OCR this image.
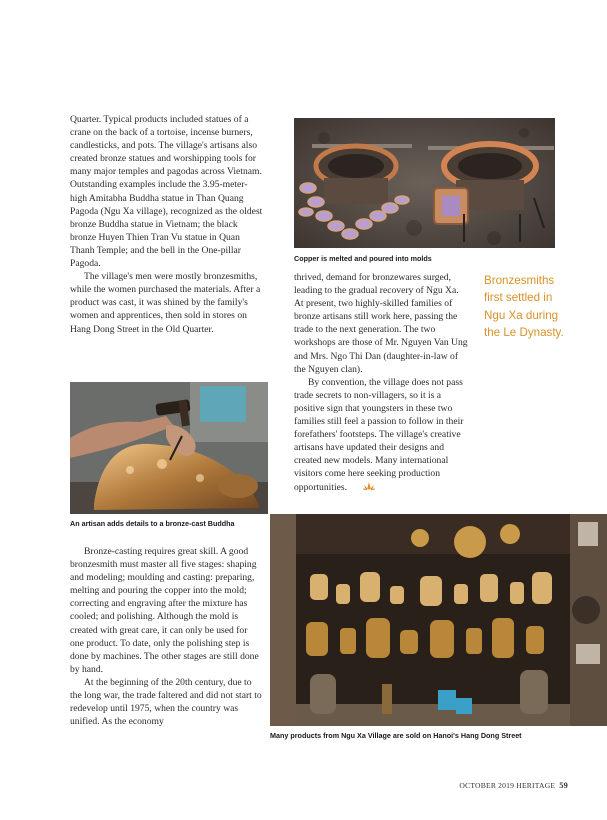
Quarter. Typical products included statues of a crane on the back of a tortoise, incense burners, candlesticks, and pots. The village's artisans also created bronze statues and worshipping tools for many major temples and pagodas across Vietnam. Outstanding examples include the 3.95-meter-high Amitabha Buddha statue in Than Quang Pagoda (Ngu Xa village), recognized as the oldest bronze Buddha statue in Vietnam; the black bronze Huyen Thien Tran Vu statue in Quan Thanh Temple; and the bell in the One-pillar Pagoda.

The village's men were mostly bronzesmiths, while the women purchased the materials. After a product was cast, it was shined by the family's women and apprentices, then sold in stores on Hang Dong Street in the Old Quarter.

Copper is melted and poured into molds

thrived, demand for bronzewares surged, leading to the gradual recovery of Ngu Xa. At present, two highly-skilled families of bronze artisans still work here, passing the trade to the next generation. The two workshops are those of Mr. Nguyen Van Ung and Mrs. Ngo Thi Dan (daughter-in-law of the Nguyen clan).

By convention, the village does not pass trade secrets to non-villagers, so it is a positive sign that youngsters in these two families still feel a passion to follow in their forefathers' footsteps. The village's creative artisans have updated their designs and created new models. Many international visitors come here seeking production opportunities.

Bronzesmiths first settled in Ngu Xa during the Le Dynasty.
An artisan adds details to a bronze-cast Buddha
Many products from Ngu Xa Village are sold on Hanoi's Hang Dong Street

Bronze-casting requires great skill. A good bronzesmith must master all five stages: shaping and modeling; moulding and casting: preparing, melting and pouring the copper into the mold; correcting and engraving after the mixture has cooled; and polishing. Although the mold is created with great care, it can only be used for one product. To date, only the polishing step is done by machines. The other stages are still done by hand.

At the beginning of the 20th century, due to the long war, the trade faltered and did not start to redevelop until 1975, when the country was unified. As the economy

OCTOBER 2019 HERITAGE 59
